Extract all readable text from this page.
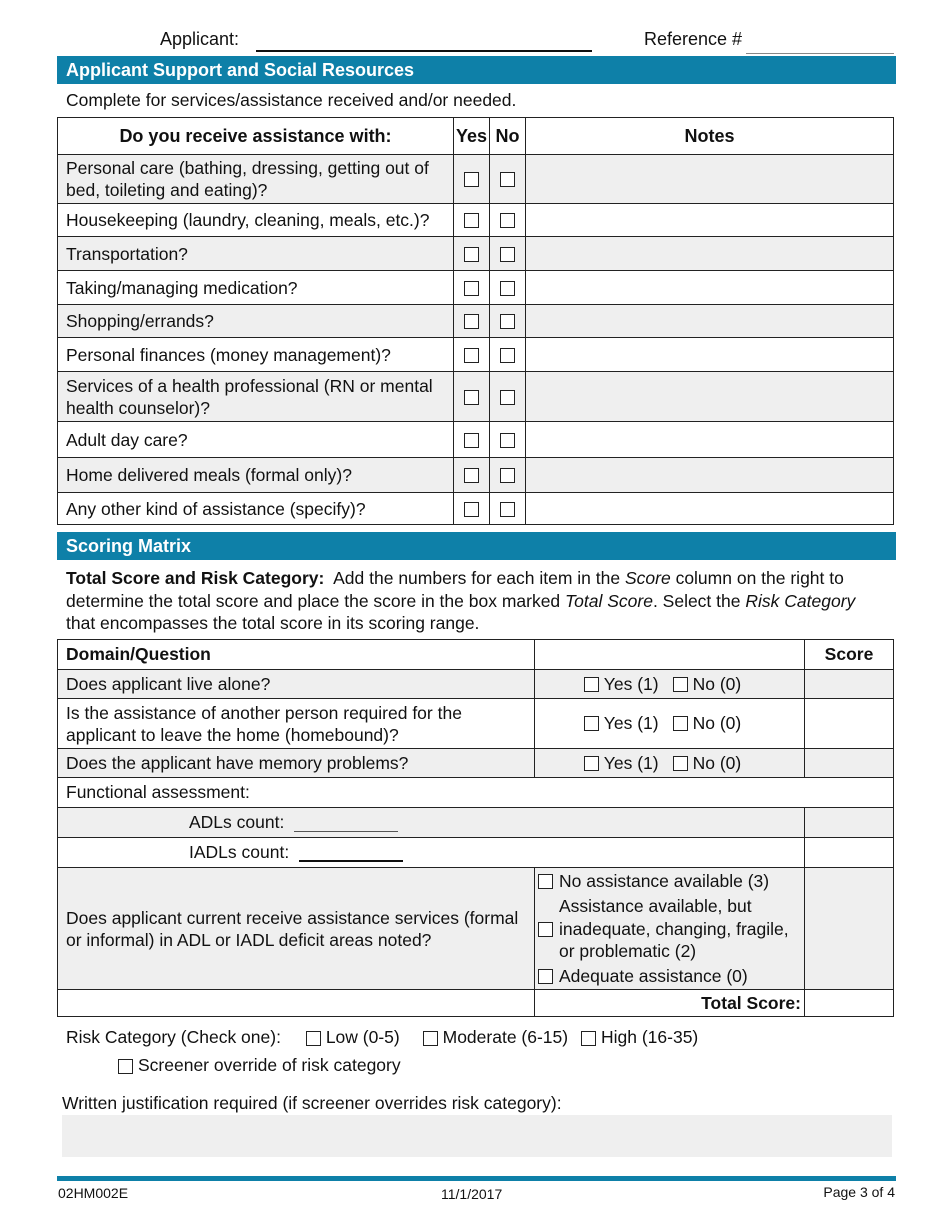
Applicant:	Reference #
Applicant Support and Social Resources
Complete for services/assistance received and/or needed.
Do you receive assistance with:	Yes	No	Notes
Personal care (bathing, dressing, getting out of bed, toileting and eating)?			
Housekeeping (laundry, cleaning, meals, etc.)?			
Transportation?			
Taking/managing medication?			
Shopping/errands?			
Personal finances (money management)?			
Services of a health professional (RN or mental health counselor)?			
Adult day care?			
Home delivered meals (formal only)?			
Any other kind of assistance (specify)?			
Scoring Matrix
Total Score and Risk Category: Add the numbers for each item in the Score column on the right to determine the total score and place the score in the box marked Total Score. Select the Risk Category that encompasses the total score in its scoring range.
Domain/Question		Score
Does applicant live alone?	Yes (1) No (0)	
Is the assistance of another person required for the applicant to leave the home (homebound)?	Yes (1) No (0)	
Does the applicant have memory problems?	Yes (1) No (0)	
Functional assessment:		
ADLs count:		
IADLs count:		
Does applicant current receive assistance services (formal or informal) in ADL or IADL deficit areas noted?	No assistance available (3)
Assistance available, but inadequate, changing, fragile, or problematic (2)
Adequate assistance (0)	

	Total Score:	
Risk Category (Check one):	Low (0-5) Moderate (6-15) High (16-35)
Screener override of risk category
Written justification required (if screener overrides risk category):
02HM002E	11/1/2017	Page 3 of 4
